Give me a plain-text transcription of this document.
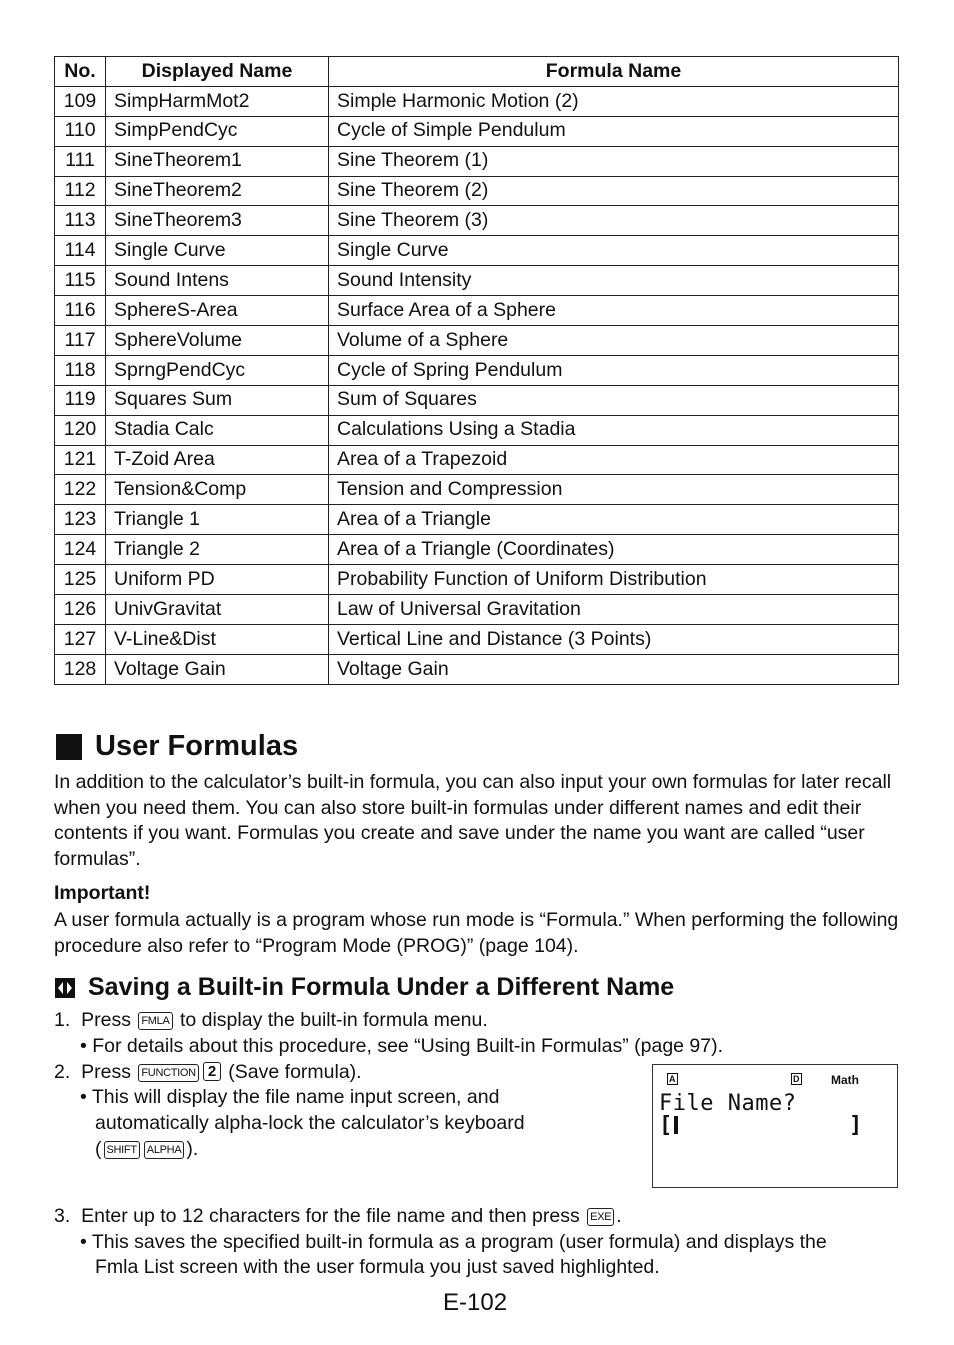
No.	Displayed Name	Formula Name
109	SimpHarmMot2	Simple Harmonic Motion (2)
110	SimpPendCyc	Cycle of Simple Pendulum
111	SineTheorem1	Sine Theorem (1)
112	SineTheorem2	Sine Theorem (2)
113	SineTheorem3	Sine Theorem (3)
114	Single Curve	Single Curve
115	Sound Intens	Sound Intensity
116	SphereS-Area	Surface Area of a Sphere
117	SphereVolume	Volume of a Sphere
118	SprngPendCyc	Cycle of Spring Pendulum
119	Squares Sum	Sum of Squares
120	Stadia Calc	Calculations Using a Stadia
121	T-Zoid Area	Area of a Trapezoid
122	Tension&Comp	Tension and Compression
123	Triangle 1	Area of a Triangle
124	Triangle 2	Area of a Triangle (Coordinates)
125	Uniform PD	Probability Function of Uniform Distribution
126	UnivGravitat	Law of Universal Gravitation
127	V-Line&Dist	Vertical Line and Distance (3 Points)
128	Voltage Gain	Voltage Gain
User Formulas

In addition to the calculator’s built-in formula, you can also input your own formulas for later recall when you need them. You can also store built-in formulas under different names and edit their contents if you want. Formulas you create and save under the name you want are called “user formulas”.

Important!

A user formula actually is a program whose run mode is “Formula.” When performing the following procedure also refer to “Program Mode (PROG)” (page 104).

Saving a Built-in Formula Under a Different Name

1. Press FMLA to display the built-in formula menu.

• For details about this procedure, see “Using Built-in Formulas” (page 97).

2. Press FUNCTION 2 (Save formula).

• This will display the file name input screen, and

automatically alpha-lock the calculator’s keyboard

( SHIFT ALPHA ).

A	D	Math
File Name?
[	]

3. Enter up to 12 characters for the file name and then press EXE .

• This saves the specified built-in formula as a program (user formula) and displays the

Fmla List screen with the user formula you just saved highlighted.

E-102
